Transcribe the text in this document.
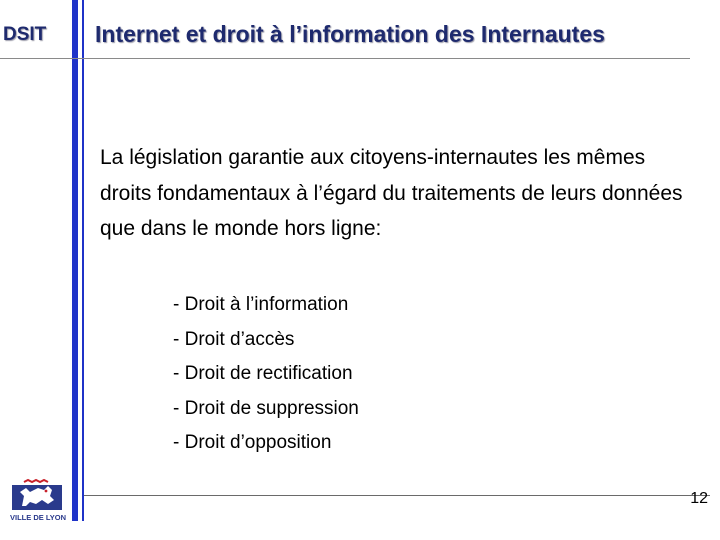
DSIT	Internet et droit à l’information des Internautes

La législation garantie aux citoyens-internautes les mêmes droits fondamentaux à l’égard du traitements de leurs données que dans le monde hors ligne:

- Droit à l’information
- Droit d’accès
- Droit de rectification
- Droit de suppression
- Droit d’opposition
12
VILLE DE LYON
